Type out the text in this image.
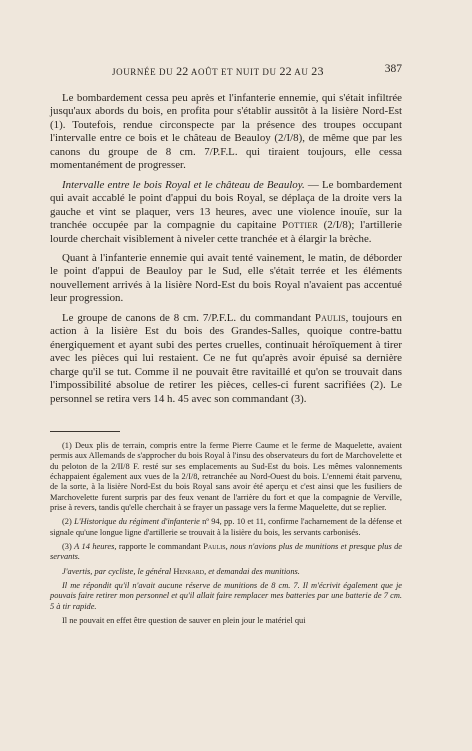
JOURNÉE DU 22 AOÛT ET NUIT DU 22 AU 23	387

Le bombardement cessa peu après et l'infanterie ennemie, qui s'était infiltrée jusqu'aux abords du bois, en profita pour s'établir aussitôt à la lisière Nord-Est (1). Toutefois, rendue circonspecte par la présence des troupes occupant l'intervalle entre ce bois et le château de Beauloy (2/I/8), de même que par les canons du groupe de 8 cm. 7/P.F.L. qui tiraient toujours, elle cessa momentanément de progresser.

Intervalle entre le bois Royal et le château de Beauloy. — Le bombardement qui avait accablé le point d'appui du bois Royal, se déplaça de la droite vers la gauche et vint se plaquer, vers 13 heures, avec une violence inouïe, sur la tranchée occupée par la compagnie du capitaine Pottier (2/I/8); l'artillerie lourde cherchait visiblement à niveler cette tranchée et à élargir la brèche.

Quant à l'infanterie ennemie qui avait tenté vainement, le matin, de déborder le point d'appui de Beauloy par le Sud, elle s'était terrée et les éléments nouvellement arrivés à la lisière Nord-Est du bois Royal n'avaient pas accentué leur progression.

Le groupe de canons de 8 cm. 7/P.F.L. du commandant Paulis, toujours en action à la lisière Est du bois des Grandes-Salles, quoique contre-battu énergiquement et ayant subi des pertes cruelles, continuait héroïquement à tirer avec les pièces qui lui restaient. Ce ne fut qu'après avoir épuisé sa dernière charge qu'il se tut. Comme il ne pouvait être ravitaillé et qu'on se trouvait dans l'impossibilité absolue de retirer les pièces, celles-ci furent sacrifiées (2). Le personnel se retira vers 14 h. 45 avec son commandant (3).

(1) Deux plis de terrain, compris entre la ferme Pierre Caume et le ferme de Maquelette, avaient permis aux Allemands de s'approcher du bois Royal à l'insu des observateurs du fort de Marchovelette et du peloton de la 2/II/8 F. resté sur ses emplacements au Sud-Est du bois. Les mêmes valonnements échappaient également aux vues de la 2/I/8, retranchée au Nord-Ouest du bois. L'ennemi était parvenu, de la sorte, à la lisière Nord-Est du bois Royal sans avoir été aperçu et c'est ainsi que les fusiliers de Marchovelette furent surpris par des feux venant de l'arrière du fort et que la compagnie de Verville, prise à revers, tandis qu'elle cherchait à se frayer un passage vers la ferme Maquelette, dut se replier.

(2) L'Historique du régiment d'infanterie nº 94, pp. 10 et 11, confirme l'acharnement de la défense et signale qu'une longue ligne d'artillerie se trouvait à la lisière du bois, les servants carbonisés.

(3) A 14 heures, rapporte le commandant Paulis, nous n'avions plus de munitions et presque plus de servants.

J'avertis, par cycliste, le général Henrard, et demandai des munitions.

Il me répondit qu'il n'avait aucune réserve de munitions de 8 cm. 7. Il m'écrivit également que je pouvais faire retirer mon personnel et qu'il allait faire remplacer mes batteries par une batterie de 7 cm. 5 à tir rapide.

Il ne pouvait en effet être question de sauver en plein jour le matériel qui
